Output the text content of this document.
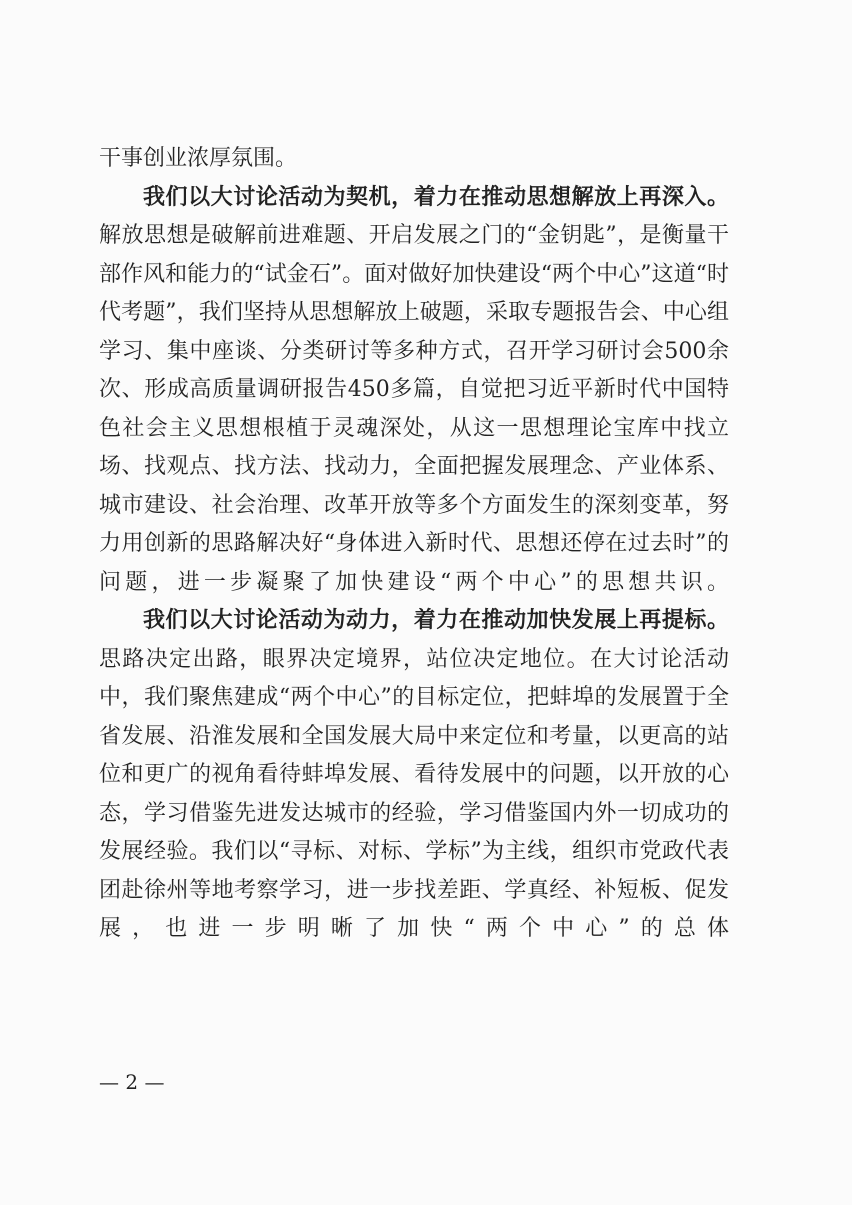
干事创业浓厚氛围。

我们以大讨论活动为契机，着力在推动思想解放上再深入。解放思想是破解前进难题、开启发展之门的“金钥匙”，是衡量干部作风和能力的“试金石”。面对做好加快建设“两个中心”这道“时代考题”，我们坚持从思想解放上破题，采取专题报告会、中心组学习、集中座谈、分类研讨等多种方式，召开学习研讨会500余次、形成高质量调研报告450多篇，自觉把习近平新时代中国特色社会主义思想根植于灵魂深处，从这一思想理论宝库中找立场、找观点、找方法、找动力，全面把握发展理念、产业体系、城市建设、社会治理、改革开放等多个方面发生的深刻变革，努力用创新的思路解决好“身体进入新时代、思想还停在过去时”的问题，进一步凝聚了加快建设“两个中心”的思想共识。

我们以大讨论活动为动力，着力在推动加快发展上再提标。思路决定出路，眼界决定境界，站位决定地位。在大讨论活动中，我们聚焦建成“两个中心”的目标定位，把蚌埠的发展置于全省发展、沿淮发展和全国发展大局中来定位和考量，以更高的站位和更广的视角看待蚌埠发展、看待发展中的问题，以开放的心态，学习借鉴先进发达城市的经验，学习借鉴国内外一切成功的发展经验。我们以“寻标、对标、学标”为主线，组织市党政代表团赴徐州等地考察学习，进一步找差距、学真经、补短板、促发展，也进一步明晰了加快“两个中心”的总体

— 2 —
